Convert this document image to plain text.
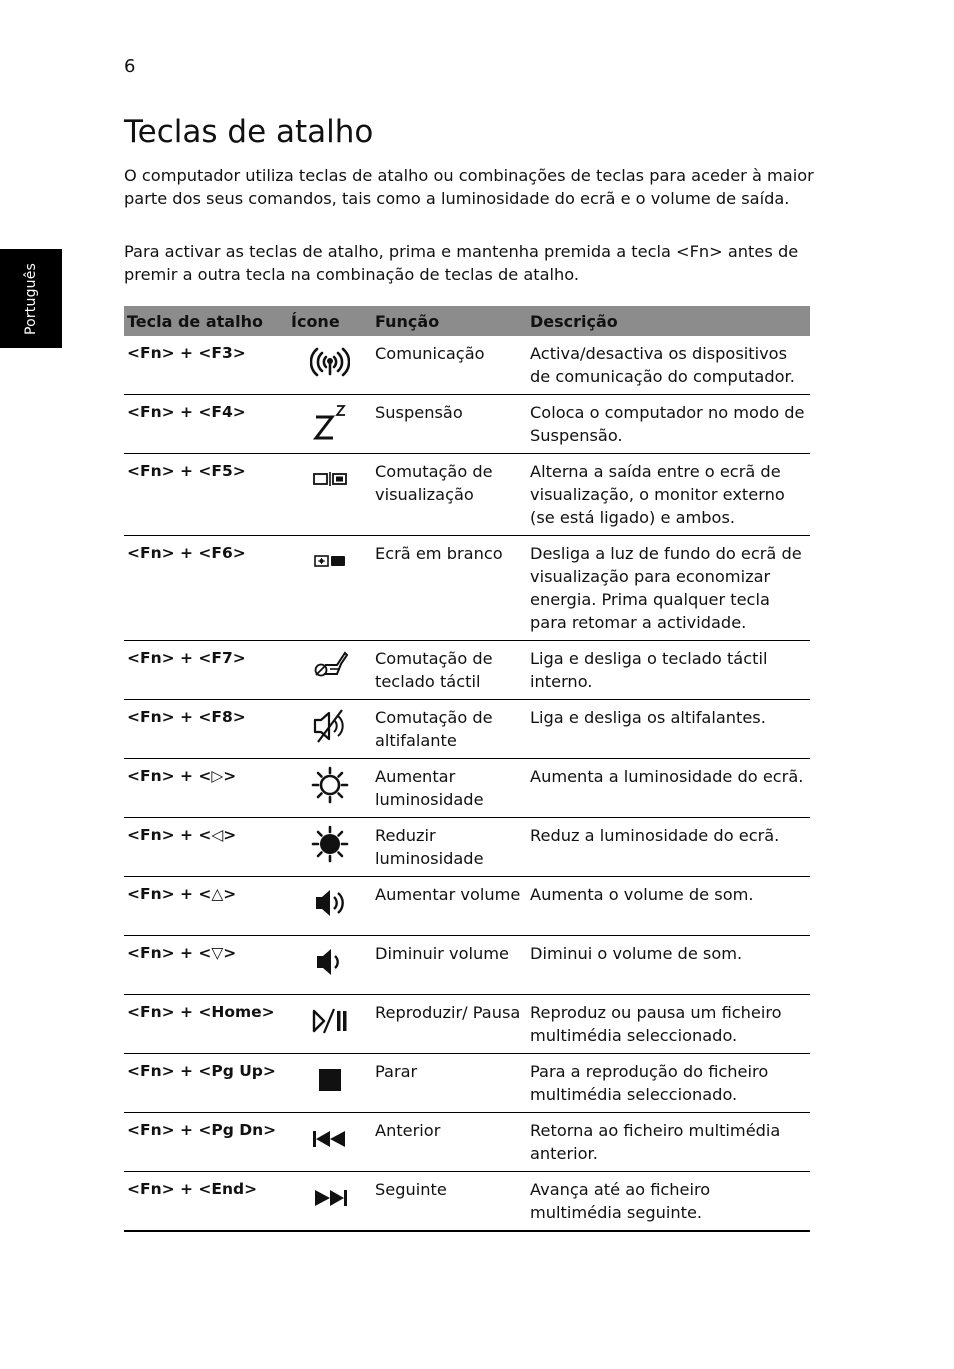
6
Português
Teclas de atalho

O computador utiliza teclas de atalho ou combinações de teclas para aceder à maior parte dos seus comandos, tais como a luminosidade do ecrã e o volume de saída.

Para activar as teclas de atalho, prima e mantenha premida a tecla <Fn> antes de premir a outra tecla na combinação de teclas de atalho.

Tecla de atalho	Ícone	Função	Descrição
<Fn> + <F3>		Comunicação	Activa/desactiva os dispositivos de comunicação do computador.
<Fn> + <F4>		Suspensão	Coloca o computador no modo de Suspensão.
<Fn> + <F5>		Comutação de visualização	Alterna a saída entre o ecrã de visualização, o monitor externo (se está ligado) e ambos.
<Fn> + <F6>		Ecrã em branco	Desliga a luz de fundo do ecrã de visualização para economizar energia. Prima qualquer tecla para retomar a actividade.
<Fn> + <F7>		Comutação de teclado táctil	Liga e desliga o teclado táctil interno.
<Fn> + <F8>		Comutação de altifalante	Liga e desliga os altifalantes.
<Fn> + <▷>		Aumentar luminosidade	Aumenta a luminosidade do ecrã.
<Fn> + <◁>		Reduzir luminosidade	Reduz a luminosidade do ecrã.
<Fn> + <△>		Aumentar volume	Aumenta o volume de som.
<Fn> + <▽>		Diminuir volume	Diminui o volume de som.
<Fn> + <Home>		Reproduzir/ Pausa	Reproduz ou pausa um ficheiro multimédia seleccionado.
<Fn> + <Pg Up>		Parar	Para a reprodução do ficheiro multimédia seleccionado.
<Fn> + <Pg Dn>		Anterior	Retorna ao ficheiro multimédia anterior.
<Fn> + <End>		Seguinte	Avança até ao ficheiro multimédia seguinte.
